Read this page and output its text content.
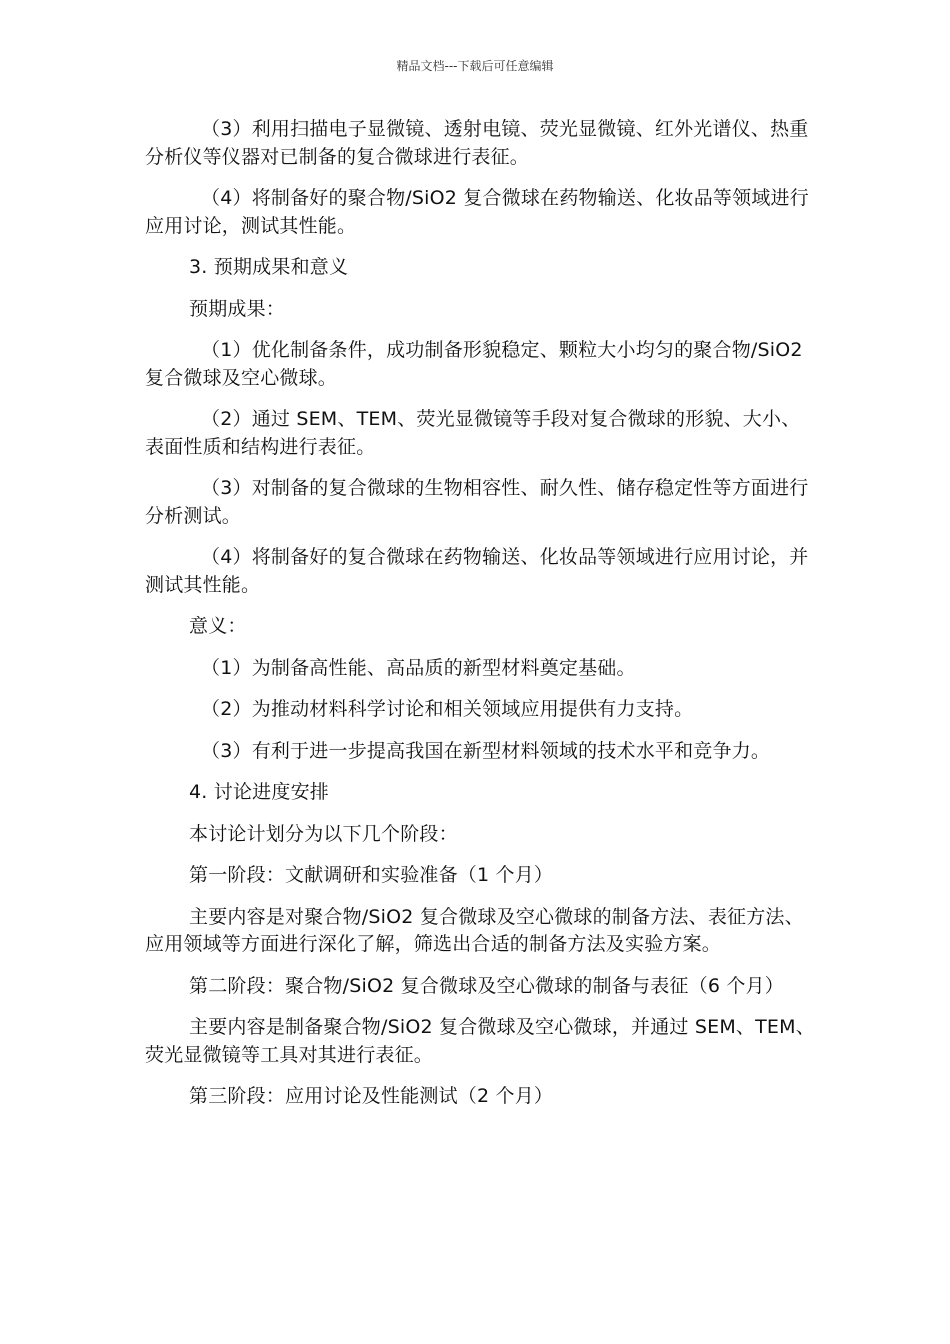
精品文档---下载后可任意编辑

（3）利用扫描电子显微镜、透射电镜、荧光显微镜、红外光谱仪、热重分析仪等仪器对已制备的复合微球进行表征。

（4）将制备好的聚合物/SiO2 复合微球在药物输送、化妆品等领域进行应用讨论，测试其性能。

3. 预期成果和意义

预期成果：

（1）优化制备条件，成功制备形貌稳定、颗粒大小均匀的聚合物/SiO2 复合微球及空心微球。

（2）通过 SEM、TEM、荧光显微镜等手段对复合微球的形貌、大小、表面性质和结构进行表征。

（3）对制备的复合微球的生物相容性、耐久性、储存稳定性等方面进行分析测试。

（4）将制备好的复合微球在药物输送、化妆品等领域进行应用讨论，并测试其性能。

意义：

（1）为制备高性能、高品质的新型材料奠定基础。

（2）为推动材料科学讨论和相关领域应用提供有力支持。

（3）有利于进一步提高我国在新型材料领域的技术水平和竞争力。

4. 讨论进度安排

本讨论计划分为以下几个阶段：

第一阶段：文献调研和实验准备（1 个月）

主要内容是对聚合物/SiO2 复合微球及空心微球的制备方法、表征方法、应用领域等方面进行深化了解，筛选出合适的制备方法及实验方案。

第二阶段：聚合物/SiO2 复合微球及空心微球的制备与表征（6 个月）

主要内容是制备聚合物/SiO2 复合微球及空心微球，并通过 SEM、TEM、荧光显微镜等工具对其进行表征。

第三阶段：应用讨论及性能测试（2 个月）
